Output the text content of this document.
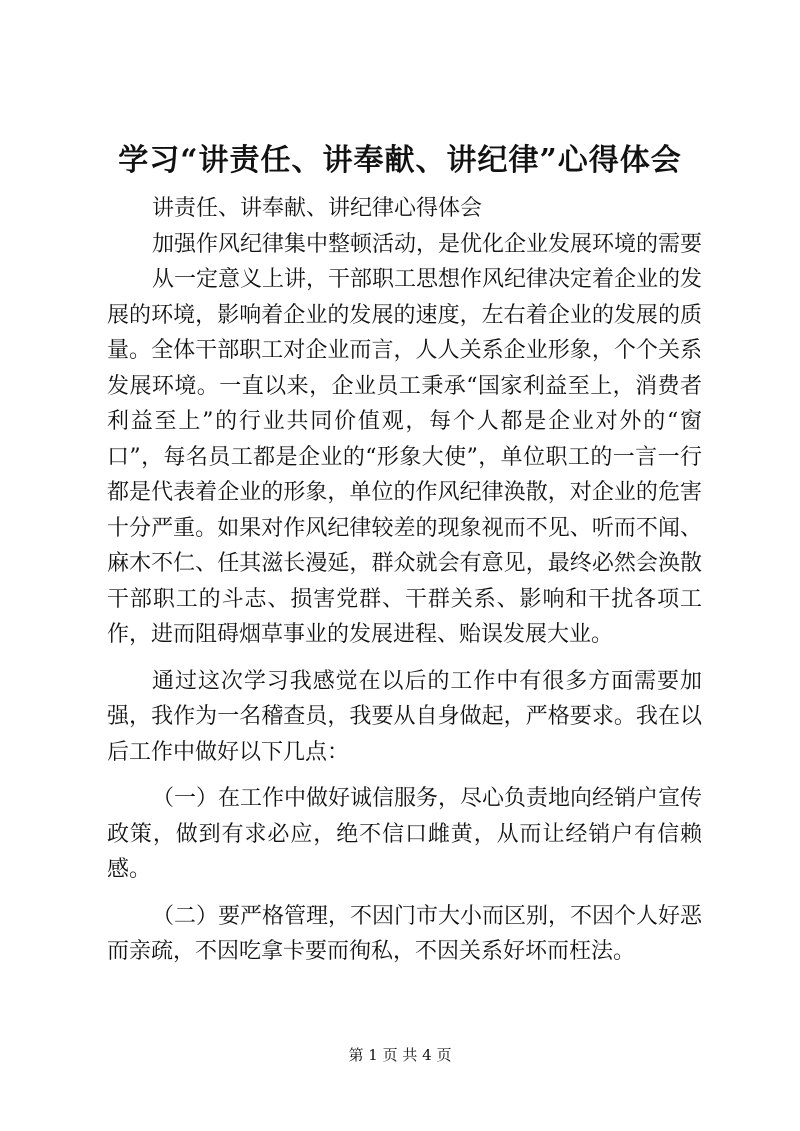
学习“讲责任、讲奉献、讲纪律”心得体会

讲责任、讲奉献、讲纪律心得体会

加强作风纪律集中整顿活动，是优化企业发展环境的需要

从一定意义上讲，干部职工思想作风纪律决定着企业的发展的环境，影响着企业的发展的速度，左右着企业的发展的质量。全体干部职工对企业而言，人人关系企业形象，个个关系发展环境。一直以来，企业员工秉承“国家利益至上，消费者利益至上”的行业共同价值观，每个人都是企业对外的“窗口”，每名员工都是企业的“形象大使”，单位职工的一言一行都是代表着企业的形象，单位的作风纪律涣散，对企业的危害十分严重。如果对作风纪律较差的现象视而不见、听而不闻、麻木不仁、任其滋长漫延，群众就会有意见，最终必然会涣散干部职工的斗志、损害党群、干群关系、影响和干扰各项工作，进而阻碍烟草事业的发展进程、贻误发展大业。

通过这次学习我感觉在以后的工作中有很多方面需要加强，我作为一名稽查员，我要从自身做起，严格要求。我在以后工作中做好以下几点：

（一）在工作中做好诚信服务，尽心负责地向经销户宣传政策，做到有求必应，绝不信口雌黄，从而让经销户有信赖感。

（二）要严格管理，不因门市大小而区别，不因个人好恶而亲疏，不因吃拿卡要而徇私，不因关系好坏而枉法。

第 1 页 共 4 页
